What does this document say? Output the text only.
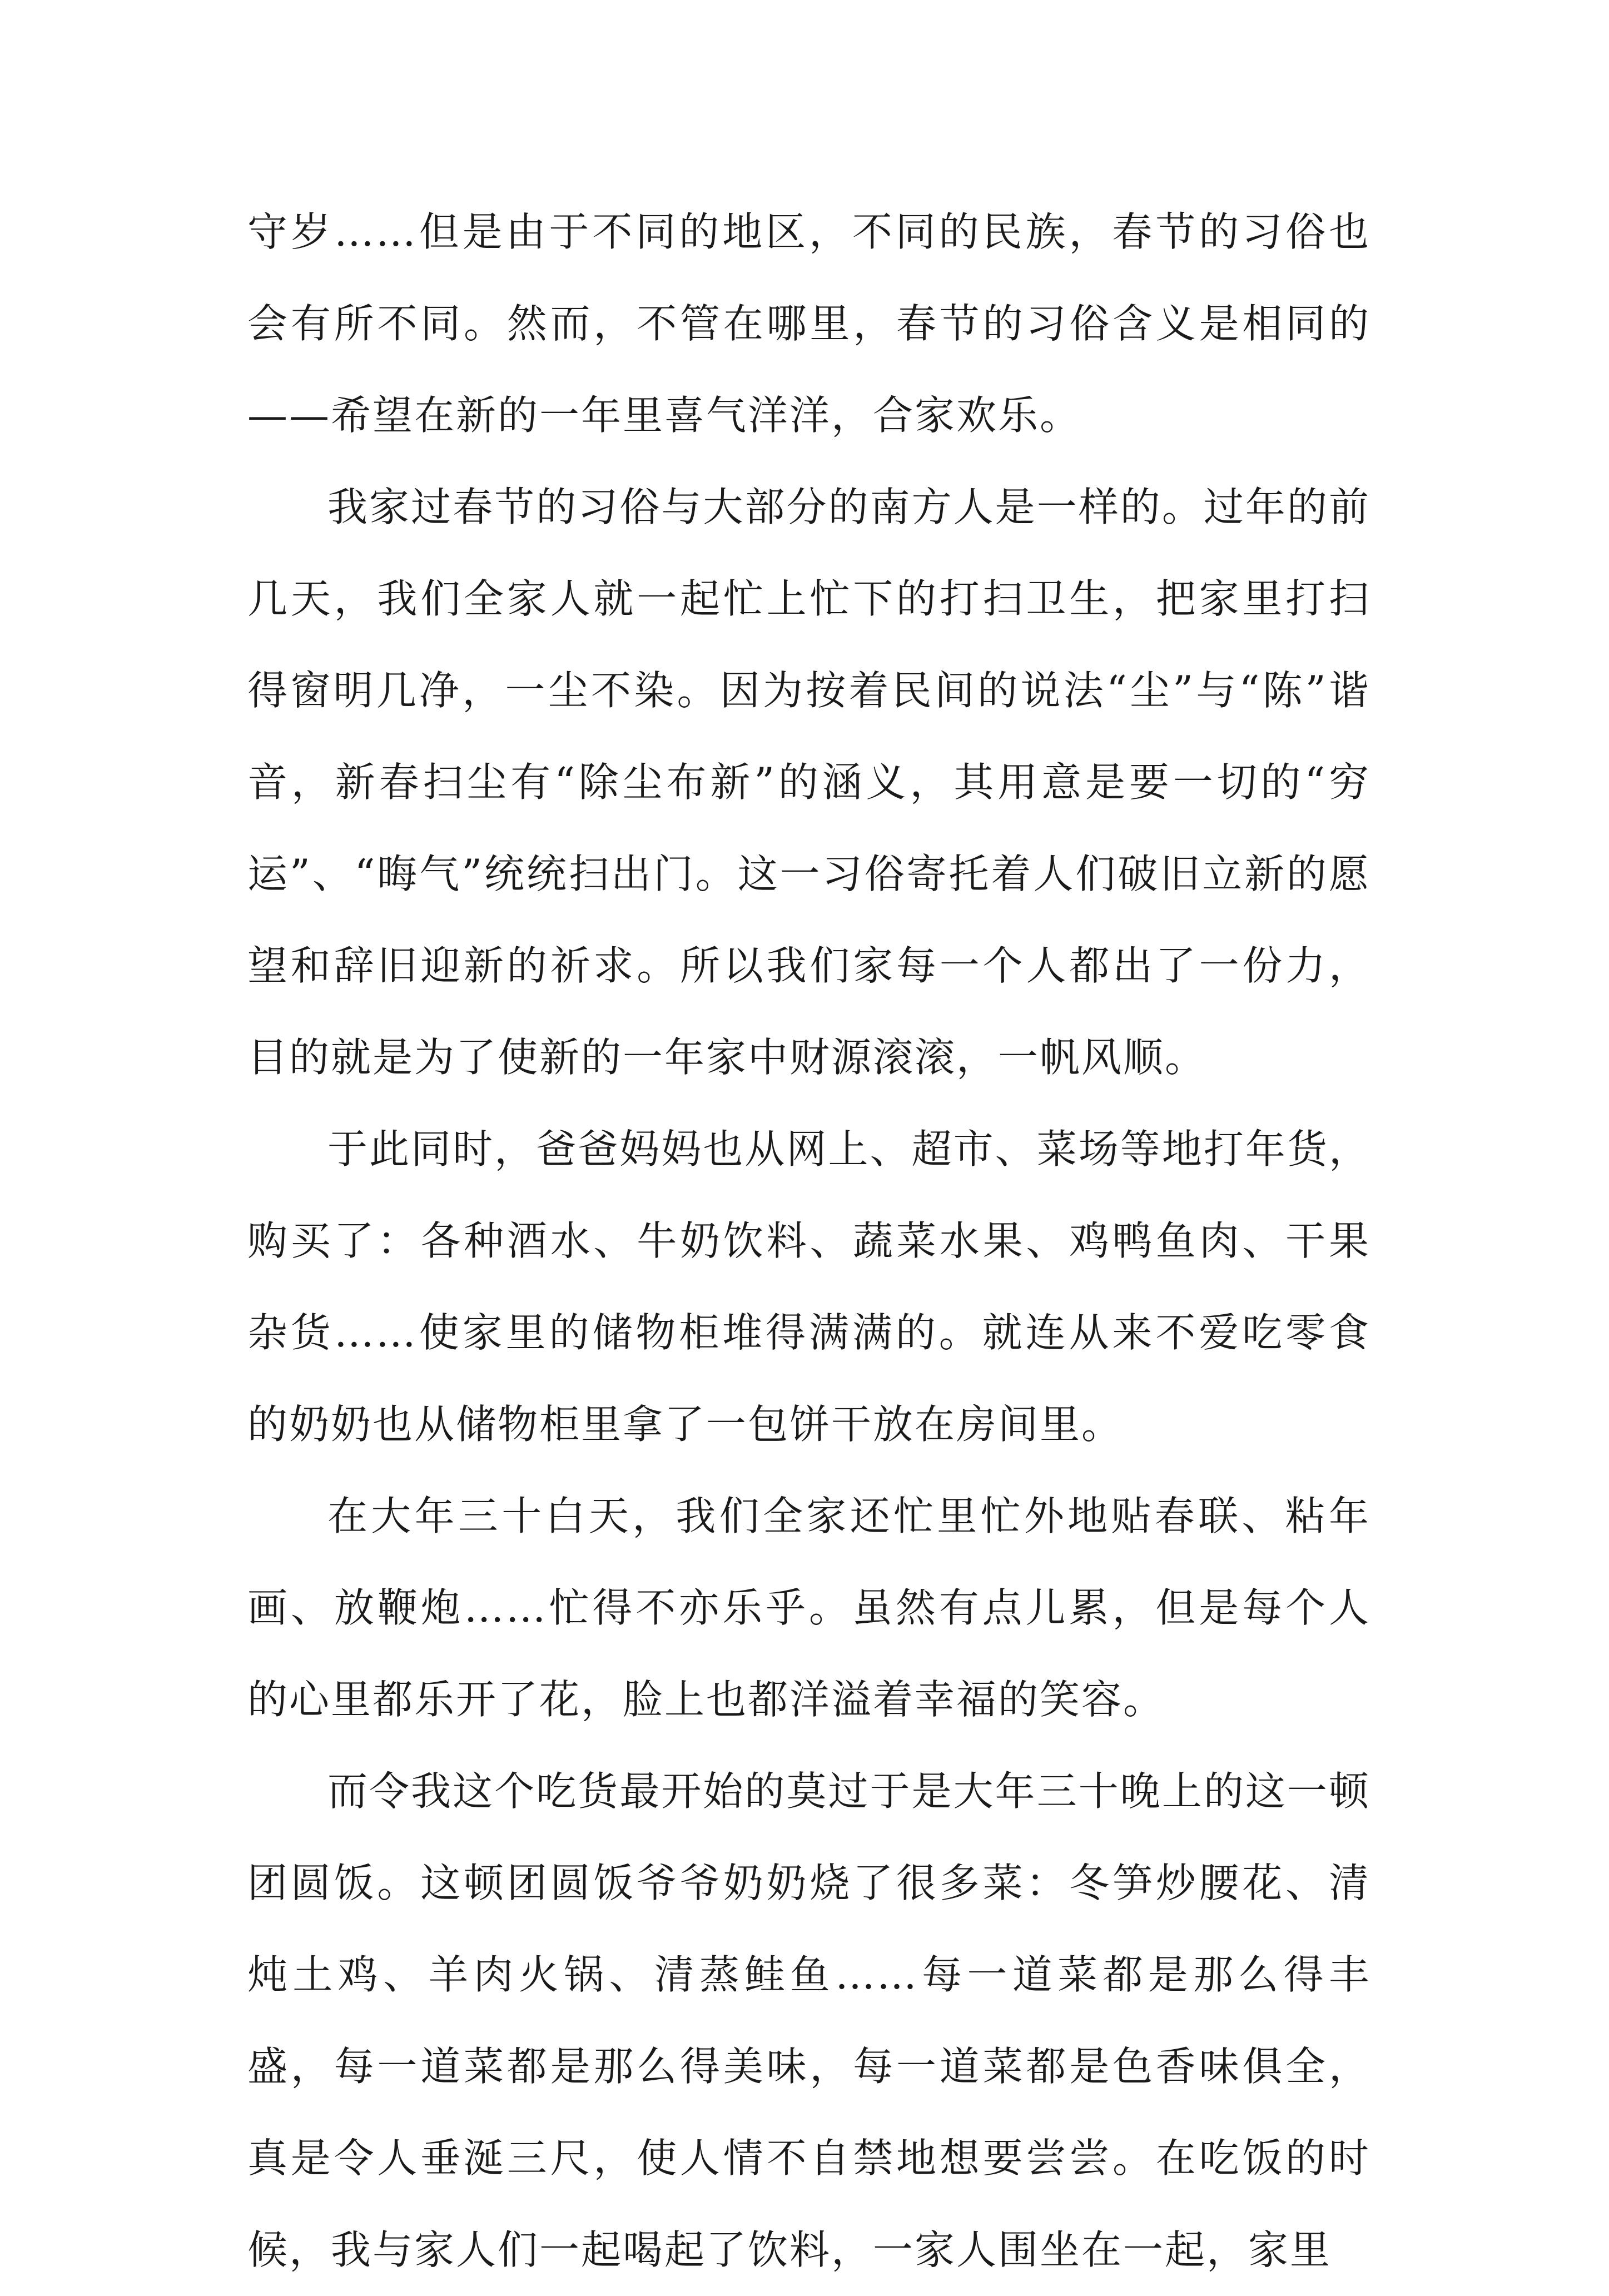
守岁……但是由于不同的地区，不同的民族，春节的习俗也会有所不同。然而，不管在哪里，春节的习俗含义是相同的——希望在新的一年里喜气洋洋，合家欢乐。

我家过春节的习俗与大部分的南方人是一样的。过年的前几天，我们全家人就一起忙上忙下的打扫卫生，把家里打扫得窗明几净，一尘不染。因为按着民间的说法“尘”与“陈”谐音，新春扫尘有“除尘布新”的涵义，其用意是要一切的“穷运”、“晦气”统统扫出门。这一习俗寄托着人们破旧立新的愿望和辞旧迎新的祈求。所以我们家每一个人都出了一份力，目的就是为了使新的一年家中财源滚滚，一帆风顺。

于此同时，爸爸妈妈也从网上、超市、菜场等地打年货，购买了：各种酒水、牛奶饮料、蔬菜水果、鸡鸭鱼肉、干果杂货……使家里的储物柜堆得满满的。就连从来不爱吃零食的奶奶也从储物柜里拿了一包饼干放在房间里。

在大年三十白天，我们全家还忙里忙外地贴春联、粘年画、放鞭炮……忙得不亦乐乎。虽然有点儿累，但是每个人的心里都乐开了花，脸上也都洋溢着幸福的笑容。

而令我这个吃货最开始的莫过于是大年三十晚上的这一顿团圆饭。这顿团圆饭爷爷奶奶烧了很多菜：冬笋炒腰花、清炖土鸡、羊肉火锅、清蒸鲑鱼……每一道菜都是那么得丰盛，每一道菜都是那么得美味，每一道菜都是色香味俱全，真是令人垂涎三尺，使人情不自禁地想要尝尝。在吃饭的时候，我与家人们一起喝起了饮料，一家人围坐在一起，家里
